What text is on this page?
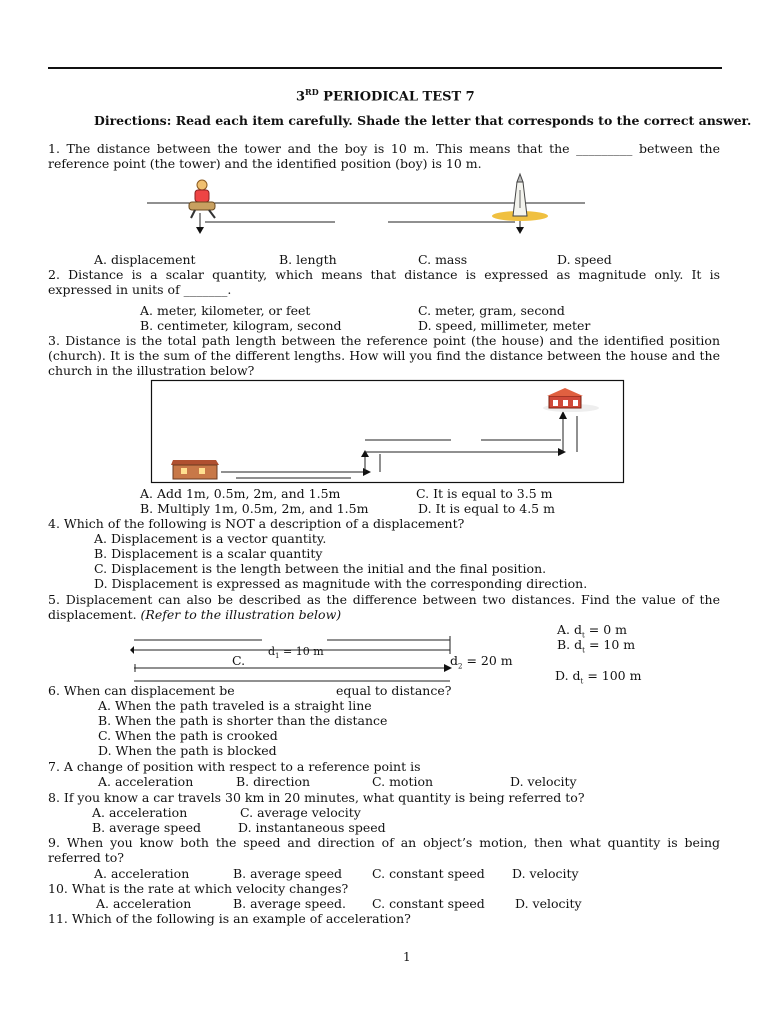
3RD PERIODICAL TEST 7
Directions: Read each item carefully. Shade the letter that corresponds to the correct answer.
1. The distance between the tower and the boy is 10 m. This means that the _________ between the reference point (the tower) and the identified position (boy) is 10 m.
A. displacement	B. length	C. mass	D. speed
2. Distance is a scalar quantity, which means that distance is expressed as magnitude only. It is expressed in units of _______.
A. meter, kilometer, or feet
B. centimeter, kilogram, second
C. meter, gram, second
D. speed, millimeter, meter
3. Distance is the total path length between the reference point (the house) and the identified position (church). It is the sum of the different lengths. How will you find the distance between the house and the church in the illustration below?
A. Add 1m, 0.5m, 2m, and 1.5m
B. Multiply 1m, 0.5m, 2m, and 1.5m
C. It is equal to 3.5 m
D. It is equal to 4.5 m
4. Which of the following is NOT a description of a displacement?
A. Displacement is a vector quantity.
B. Displacement is a scalar quantity
C. Displacement is the length between the initial and the final position.
D. Displacement is expressed as magnitude with the corresponding direction.
5. Displacement can also be described as the difference between two distances. Find the value of the displacement. (Refer to the illustration below)
$d_1 = 10$ m
C.	$d_2 = 20$ m
A. $d_t = 0$ m
B. $d_t = 10$ m
D. $d_t = 100$ m
6. When can displacement be	equal to distance?
A. When the path traveled is a straight line
B. When the path is shorter than the distance
C. When the path is crooked
D. When the path is blocked
7. A change of position with respect to a reference point is
A. acceleration	B. direction	C. motion	D. velocity
8. If you know a car travels 30 km in 20 minutes, what quantity is being referred to?
A. acceleration
B. average speed
C. average velocity
D. instantaneous speed
9. When you know both the speed and direction of an object’s motion, then what quantity is being referred to?
A. acceleration	B. average speed C. constant speed D. velocity
10. What is the rate at which velocity changes?
A. acceleration	B. average speed. C. constant speed D. velocity
11. Which of the following is an example of acceleration?
1
